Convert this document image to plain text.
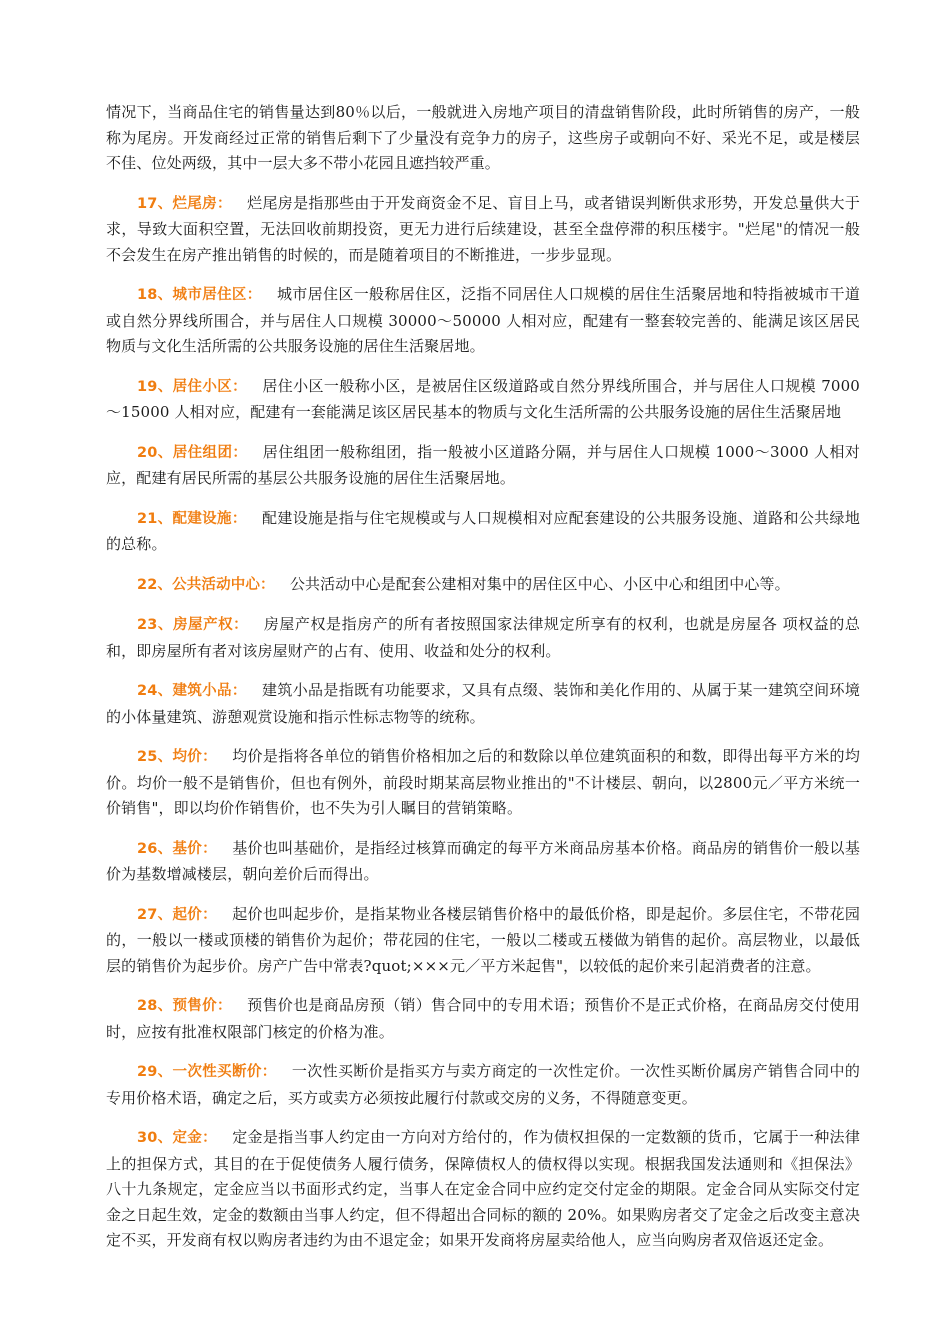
情况下，当商品住宅的销售量达到80％以后，一般就进入房地产项目的清盘销售阶段，此时所销售的房产，一般称为尾房。开发商经过正常的销售后剩下了少量没有竞争力的房子，这些房子或朝向不好、采光不足，或是楼层不佳、位处两级，其中一层大多不带小花园且遮挡较严重。

17、烂尾房：  烂尾房是指那些由于开发商资金不足、盲目上马，或者错误判断供求形势，开发总量供大于求，导致大面积空置，无法回收前期投资，更无力进行后续建设，甚至全盘停滞的积压楼宇。"烂尾"的情况一般不会发生在房产推出销售的时候的，而是随着项目的不断推进，一步步显现。

18、城市居住区：  城市居住区一般称居住区，泛指不同居住人口规模的居住生活聚居地和特指被城市干道或自然分界线所围合，并与居住人口规模 30000～50000 人相对应，配建有一整套较完善的、能满足该区居民物质与文化生活所需的公共服务设施的居住生活聚居地。

19、居住小区：  居住小区一般称小区，是被居住区级道路或自然分界线所围合，并与居住人口规模 7000～15000 人相对应，配建有一套能满足该区居民基本的物质与文化生活所需的公共服务设施的居住生活聚居地

20、居住组团：  居住组团一般称组团，指一般被小区道路分隔，并与居住人口规模 1000～3000 人相对应，配建有居民所需的基层公共服务设施的居住生活聚居地。

21、配建设施：  配建设施是指与住宅规模或与人口规模相对应配套建设的公共服务设施、道路和公共绿地的总称。

22、公共活动中心：  公共活动中心是配套公建相对集中的居住区中心、小区中心和组团中心等。

23、房屋产权：  房屋产权是指房产的所有者按照国家法律规定所享有的权利，也就是房屋各 项权益的总和，即房屋所有者对该房屋财产的占有、使用、收益和处分的权利。

24、建筑小品：  建筑小品是指既有功能要求，又具有点缀、装饰和美化作用的、从属于某一建筑空间环境的小体量建筑、游憩观赏设施和指示性标志物等的统称。

25、均价：  均价是指将各单位的销售价格相加之后的和数除以单位建筑面积的和数，即得出每平方米的均价。均价一般不是销售价，但也有例外，前段时期某高层物业推出的"不计楼层、朝向，以2800元／平方米统一价销售"，即以均价作销售价，也不失为引人瞩目的营销策略。

26、基价：  基价也叫基础价，是指经过核算而确定的每平方米商品房基本价格。商品房的销售价一般以基价为基数增减楼层，朝向差价后而得出。

27、起价：  起价也叫起步价，是指某物业各楼层销售价格中的最低价格，即是起价。多层住宅，不带花园的，一般以一楼或顶楼的销售价为起价；带花园的住宅，一般以二楼或五楼做为销售的起价。高层物业，以最低层的销售价为起步价。房产广告中常表?quot;×××元／平方米起售"，以较低的起价来引起消费者的注意。

28、预售价：  预售价也是商品房预（销）售合同中的专用术语；预售价不是正式价格，在商品房交付使用时，应按有批准权限部门核定的价格为准。

29、一次性买断价：  一次性买断价是指买方与卖方商定的一次性定价。一次性买断价属房产销售合同中的专用价格术语，确定之后，买方或卖方必须按此履行付款或交房的义务，不得随意变更。

30、定金：  定金是指当事人约定由一方向对方给付的，作为债权担保的一定数额的货币，它属于一种法律上的担保方式，其目的在于促使债务人履行债务，保障债权人的债权得以实现。根据我国发法通则和《担保法》八十九条规定，定金应当以书面形式约定，当事人在定金合同中应约定交付定金的期限。定金合同从实际交付定金之日起生效，定金的数额由当事人约定，但不得超出合同标的额的 20%。如果购房者交了定金之后改变主意决定不买，开发商有权以购房者违约为由不退定金；如果开发商将房屋卖给他人，应当向购房者双倍返还定金。
